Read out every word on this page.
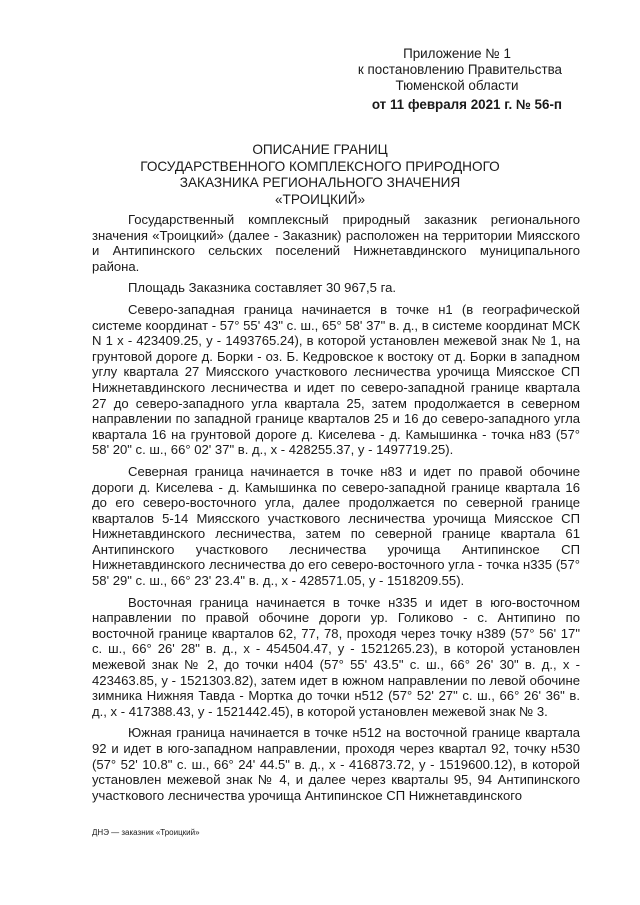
Приложение № 1
к постановлению Правительства
Тюменской области
от 11 февраля 2021 г. № 56-п
ОПИСАНИЕ ГРАНИЦ
ГОСУДАРСТВЕННОГО КОМПЛЕКСНОГО ПРИРОДНОГО
ЗАКАЗНИКА РЕГИОНАЛЬНОГО ЗНАЧЕНИЯ
«ТРОИЦКИЙ»

Государственный комплексный природный заказник регионального значения «Троицкий» (далее - Заказник) расположен на территории Миясского и Антипинского сельских поселений Нижнетавдинского муниципального района.

Площадь Заказника составляет 30 967,5 га.

Северо-западная граница начинается в точке н1 (в географической системе координат - 57° 55' 43" с. ш., 65° 58' 37" в. д., в системе координат МСК N 1 х - 423409.25, у - 1493765.24), в которой установлен межевой знак № 1, на грунтовой дороге д. Борки - оз. Б. Кедровское к востоку от д. Борки в западном углу квартала 27 Миясского участкового лесничества урочища Миясское СП Нижнетавдинского лесничества и идет по северо-западной границе квартала 27 до северо-западного угла квартала 25, затем продолжается в северном направлении по западной границе кварталов 25 и 16 до северо-западного угла квартала 16 на грунтовой дороге д. Киселева - д. Камышинка - точка н83 (57° 58' 20" с. ш., 66° 02' 37" в. д., х - 428255.37, у - 1497719.25).

Северная граница начинается в точке н83 и идет по правой обочине дороги д. Киселева - д. Камышинка по северо-западной границе квартала 16 до его северо-восточного угла, далее продолжается по северной границе кварталов 5-14 Миясского участкового лесничества урочища Миясское СП Нижнетавдинского лесничества, затем по северной границе квартала 61 Антипинского участкового лесничества урочища Антипинское СП Нижнетавдинского лесничества до его северо-восточного угла - точка н335 (57° 58' 29" с. ш., 66° 23' 23.4" в. д., х - 428571.05, у - 1518209.55).

Восточная граница начинается в точке н335 и идет в юго-восточном направлении по правой обочине дороги ур. Голиково - с. Антипино по восточной границе кварталов 62, 77, 78, проходя через точку н389 (57° 56' 17" с. ш., 66° 26' 28" в. д., х - 454504.47, у - 1521265.23), в которой установлен межевой знак № 2, до точки н404 (57° 55' 43.5" с. ш., 66° 26' 30" в. д., х - 423463.85, у - 1521303.82), затем идет в южном направлении по левой обочине зимника Нижняя Тавда - Мортка до точки н512 (57° 52' 27" с. ш., 66° 26' 36" в. д., х - 417388.43, у - 1521442.45), в которой установлен межевой знак № 3.

Южная граница начинается в точке н512 на восточной границе квартала 92 и идет в юго-западном направлении, проходя через квартал 92, точку н530 (57° 52' 10.8" с. ш., 66° 24' 44.5" в. д., х - 416873.72, у - 1519600.12), в которой установлен межевой знак № 4, и далее через кварталы 95, 94 Антипинского участкового лесничества урочища Антипинское СП Нижнетавдинского

ДНЭ — заказник «Троицкий»
